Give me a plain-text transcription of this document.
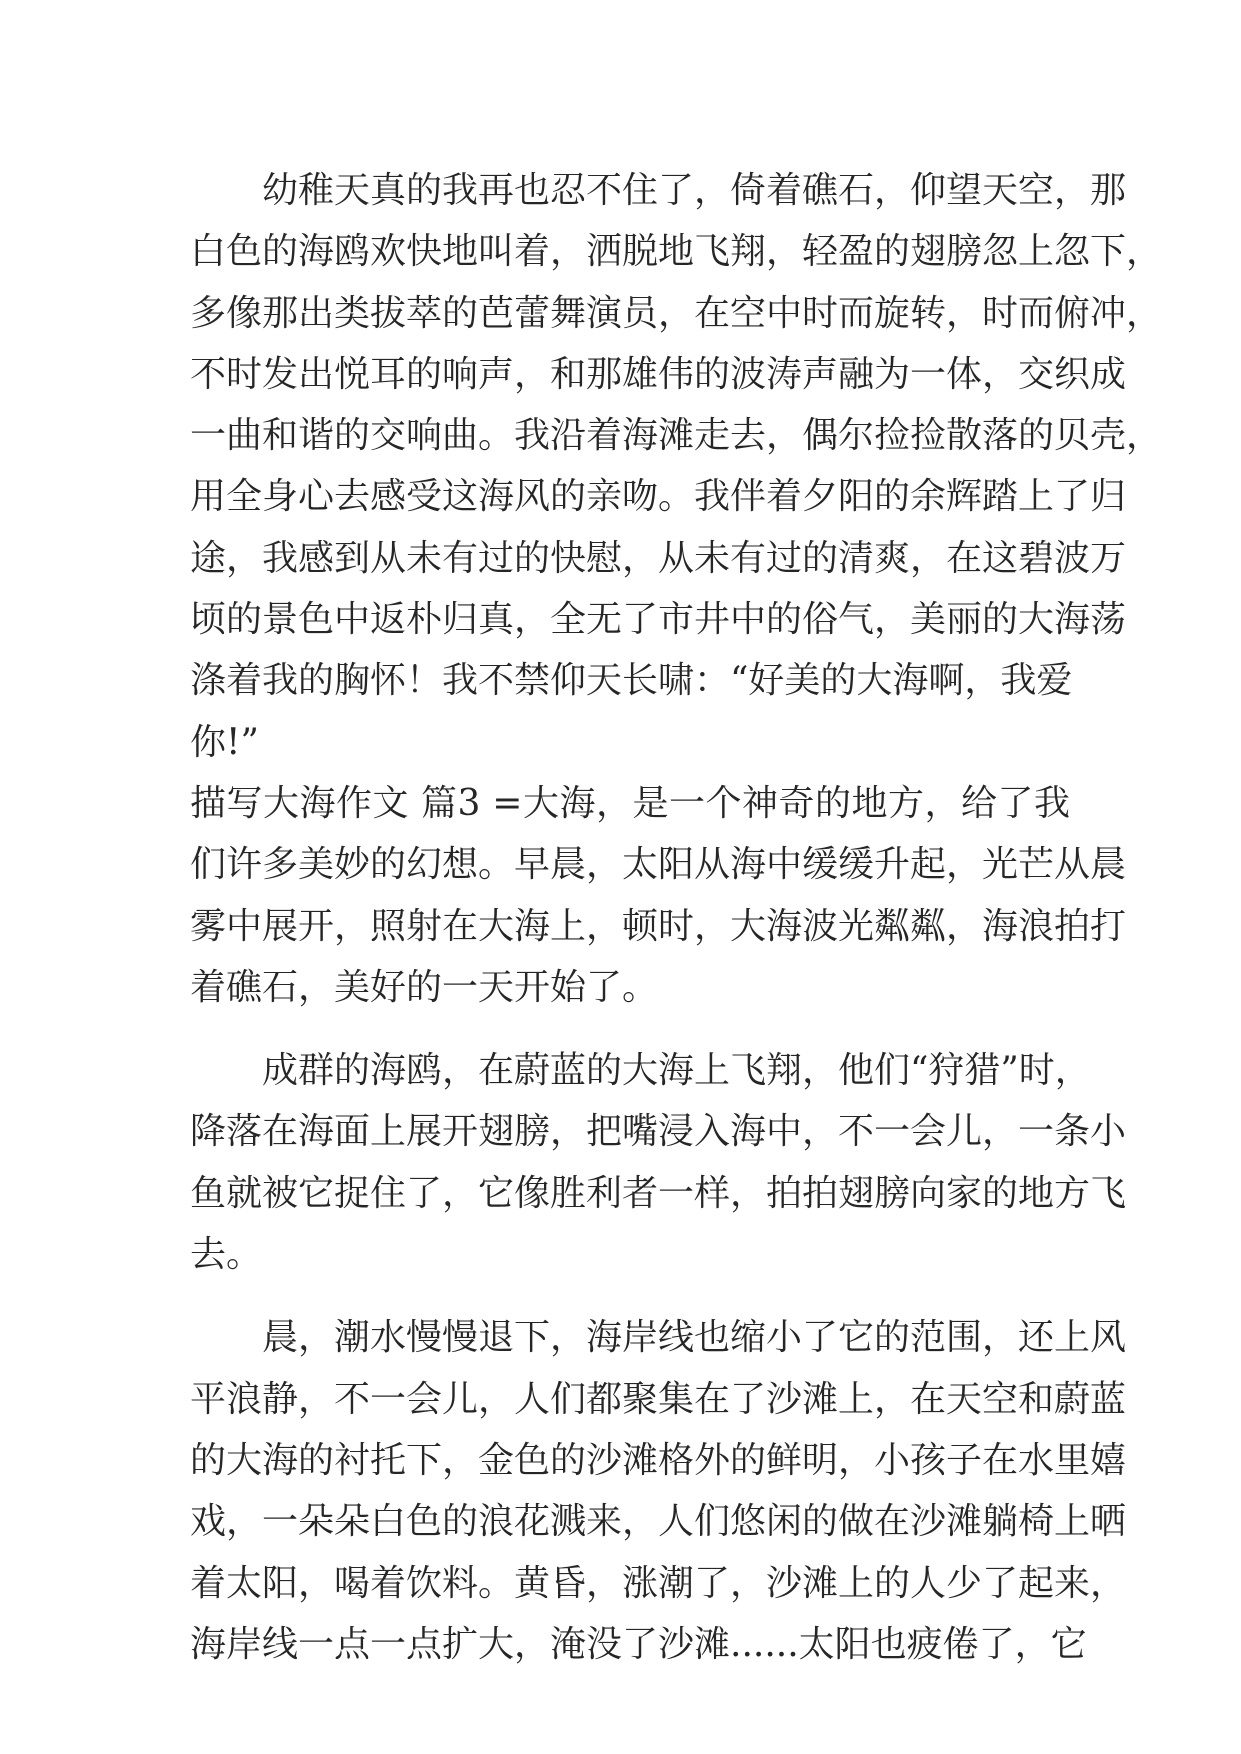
幼稚天真的我再也忍不住了，倚着礁石，仰望天空，那
白色的海鸥欢快地叫着，洒脱地飞翔，轻盈的翅膀忽上忽下，
多像那出类拔萃的芭蕾舞演员，在空中时而旋转，时而俯冲，
不时发出悦耳的响声，和那雄伟的波涛声融为一体，交织成
一曲和谐的交响曲。我沿着海滩走去，偶尔捡捡散落的贝壳，
用全身心去感受这海风的亲吻。我伴着夕阳的余辉踏上了归
途，我感到从未有过的快慰，从未有过的清爽，在这碧波万
顷的景色中返朴归真，全无了市井中的俗气，美丽的大海荡
涤着我的胸怀！我不禁仰天长啸：“好美的大海啊，我爱
你!”
描写大海作文 篇3 =大海，是一个神奇的地方，给了我
们许多美妙的幻想。早晨，太阳从海中缓缓升起，光芒从晨
雾中展开，照射在大海上，顿时，大海波光粼粼，海浪拍打
着礁石，美好的一天开始了。
成群的海鸥，在蔚蓝的大海上飞翔，他们“狩猎”时，
降落在海面上展开翅膀，把嘴浸入海中，不一会儿，一条小
鱼就被它捉住了，它像胜利者一样，拍拍翅膀向家的地方飞
去。
晨，潮水慢慢退下，海岸线也缩小了它的范围，还上风
平浪静，不一会儿，人们都聚集在了沙滩上，在天空和蔚蓝
的大海的衬托下，金色的沙滩格外的鲜明，小孩子在水里嬉
戏，一朵朵白色的浪花溅来，人们悠闲的做在沙滩躺椅上晒
着太阳，喝着饮料。黄昏，涨潮了，沙滩上的人少了起来，
海岸线一点一点扩大，淹没了沙滩......太阳也疲倦了，它
